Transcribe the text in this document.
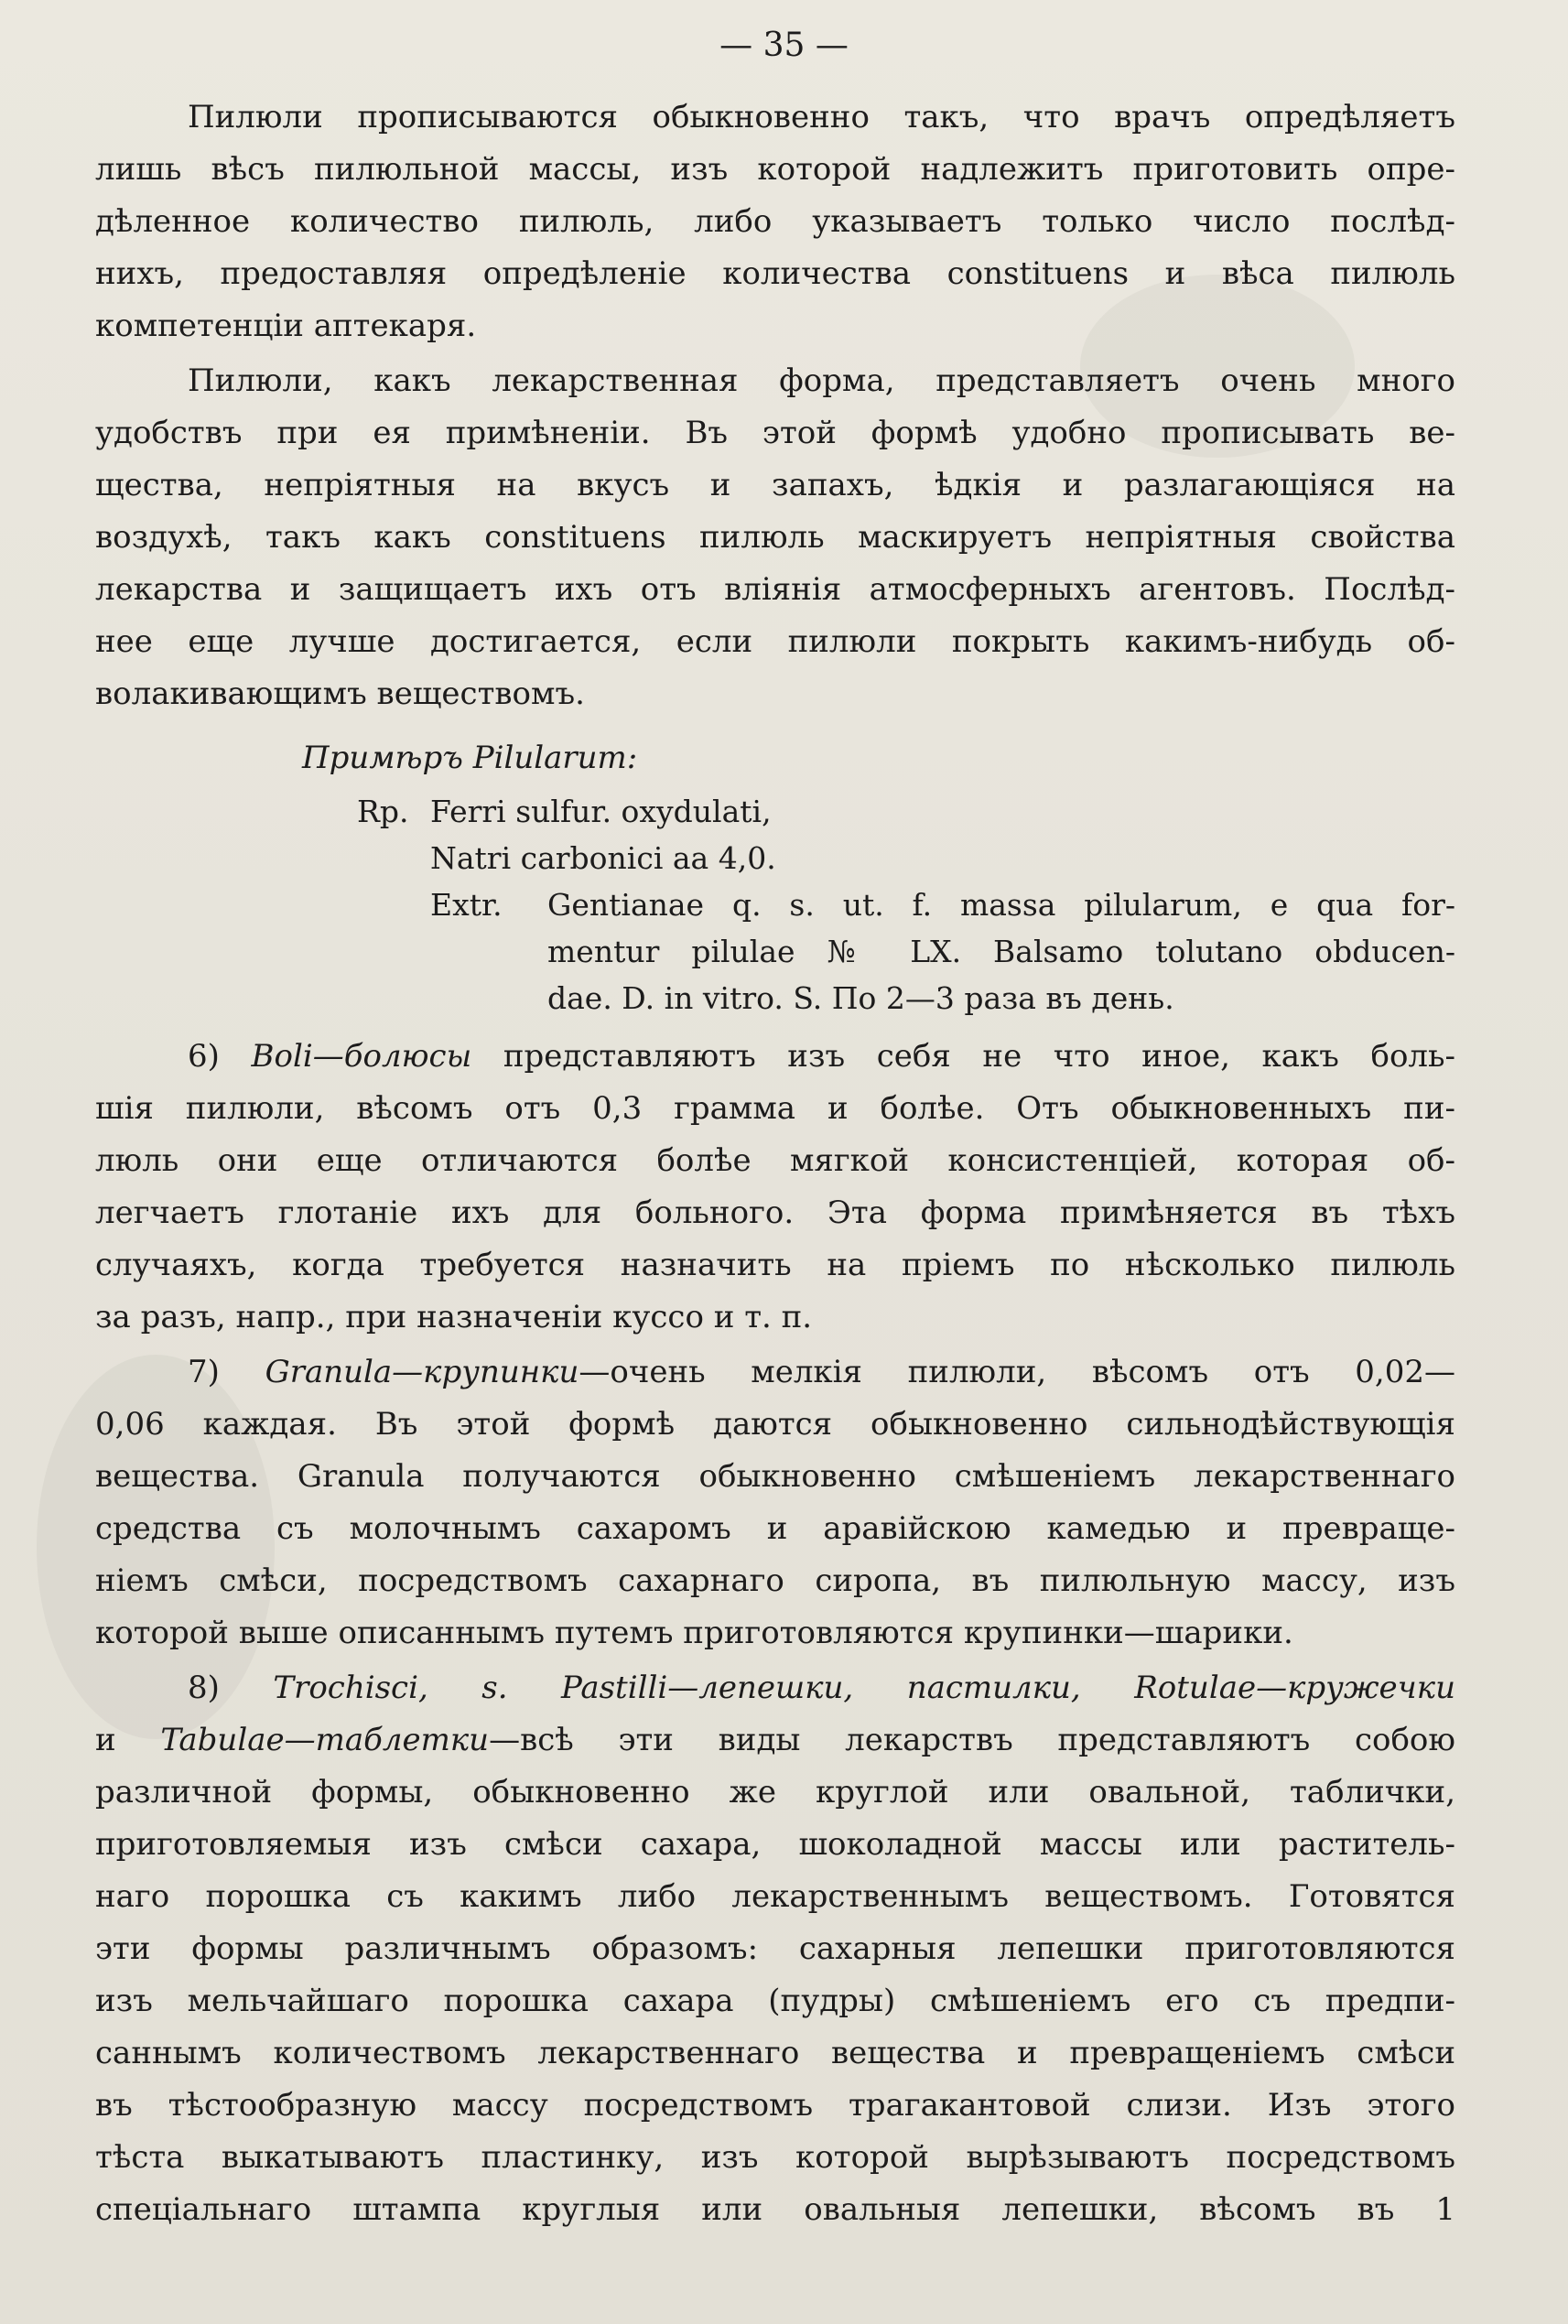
— 35 —
Пилюли прописываются обыкновенно такъ, что врачъ опредѣляетъ
лишь вѣсъ пилюльной массы, изъ которой надлежитъ приготовить опре-
дѣленное количество пилюль, либо указываетъ только число послѣд-
нихъ, предоставляя опредѣленіе количества constituens и вѣса пилюль
компетенціи аптекаря.
Пилюли, какъ лекарственная форма, представляетъ очень много
удобствъ при ея примѣненіи. Въ этой формѣ удобно прописывать ве-
щества, непріятныя на вкусъ и запахъ, ѣдкія и разлагающіяся на
воздухѣ, такъ какъ constituens пилюль маскируетъ непріятныя свойства
лекарства и защищаетъ ихъ отъ вліянія атмосферныхъ агентовъ. Послѣд-
нее еще лучше достигается, если пилюли покрыть какимъ-нибудь об-
волакивающимъ веществомъ.
Примѣръ Pilularum:
Rp. Ferri sulfur. oxydulati,
Natri carbonici aa 4,0.
Extr. Gentianae q. s. ut. f. massa pilularum, e qua for-
mentur pilulae № LX. Balsamo tolutano obducen-
dae. D. in vitro. S. По 2—3 раза въ день.
6) Boli—болюсы представляютъ изъ себя не что иное, какъ боль-
шія пилюли, вѣсомъ отъ 0,3 грамма и болѣе. Отъ обыкновенныхъ пи-
люль они еще отличаются болѣе мягкой консистенціей, которая об-
легчаетъ глотаніе ихъ для больного. Эта форма примѣняется въ тѣхъ
случаяхъ, когда требуется назначить на пріемъ по нѣсколько пилюль
за разъ, напр., при назначеніи куссо и т. п.
7) Granula—крупинки—очень мелкія пилюли, вѣсомъ отъ 0,02—
0,06 каждая. Въ этой формѣ даются обыкновенно сильнодѣйствующія
вещества. Granula получаются обыкновенно смѣшеніемъ лекарственнаго
средства съ молочнымъ сахаромъ и аравійскою камедью и превраще-
ніемъ смѣси, посредствомъ сахарнаго сиропа, въ пилюльную массу, изъ
которой выше описаннымъ путемъ приготовляются крупинки—шарики.
8) Trochisci, s. Pastilli—лепешки, пастилки, Rotulae—кружечки
и Tabulae—таблетки—всѣ эти виды лекарствъ представляютъ собою
различной формы, обыкновенно же круглой или овальной, таблички,
приготовляемыя изъ смѣси сахара, шоколадной массы или раститель-
наго порошка съ какимъ либо лекарственнымъ веществомъ. Готовятся
эти формы различнымъ образомъ: сахарныя лепешки приготовляются
изъ мельчайшаго порошка сахара (пудры) смѣшеніемъ его съ предпи-
саннымъ количествомъ лекарственнаго вещества и превращеніемъ смѣси
въ тѣстообразную массу посредствомъ трагакантовой слизи. Изъ этого
тѣста выкатываютъ пластинку, изъ которой вырѣзываютъ посредствомъ
спеціальнаго штампа круглыя или овальныя лепешки, вѣсомъ въ 1
